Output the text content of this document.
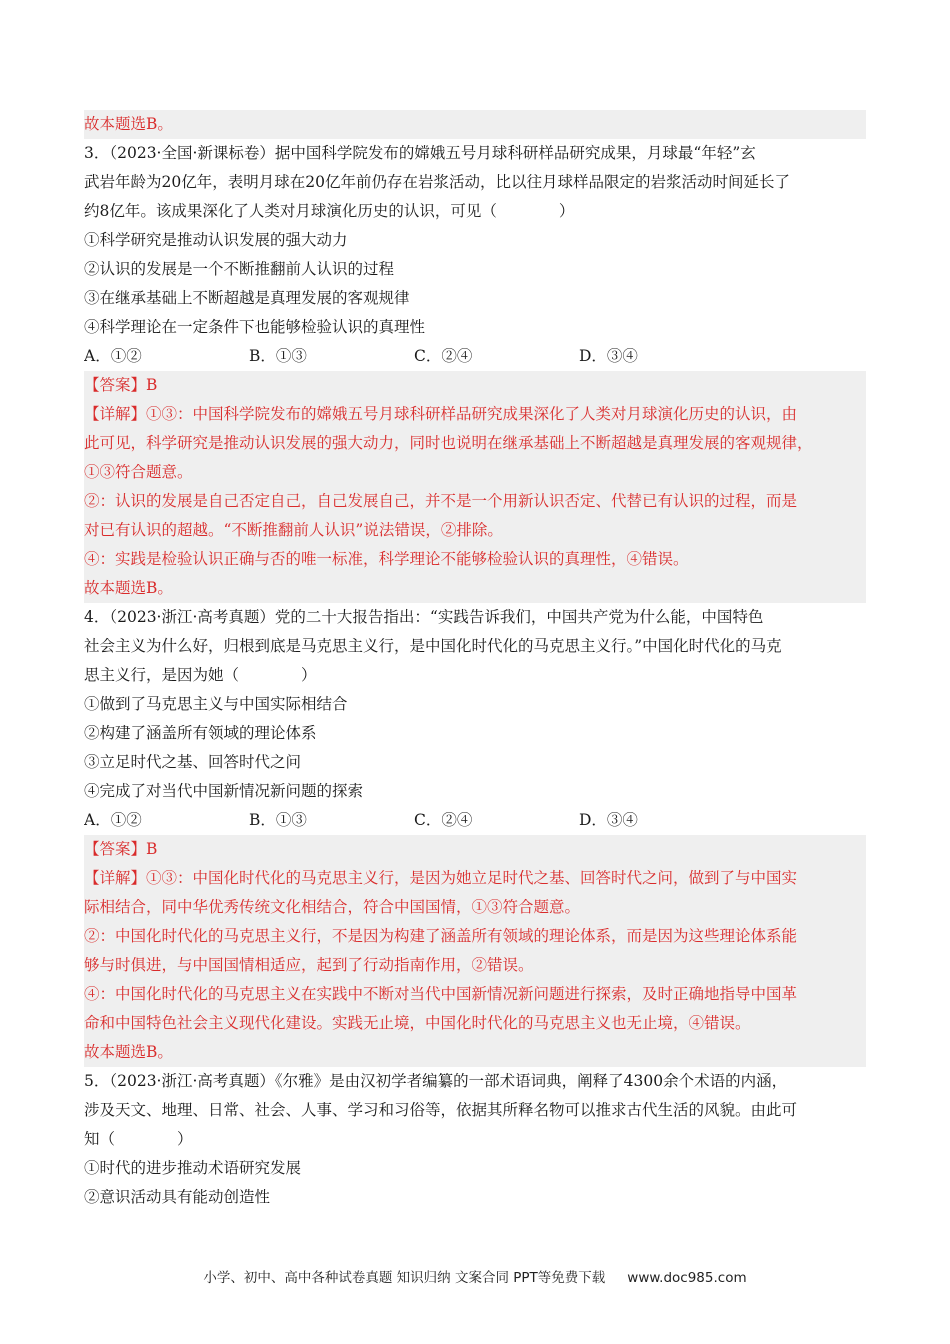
故本题选B。
3．（2023·全国·新课标卷）据中国科学院发布的嫦娥五号月球科研样品研究成果，月球最“年轻”玄
武岩年龄为20亿年，表明月球在20亿年前仍存在岩浆活动，比以往月球样品限定的岩浆活动时间延长了
约8亿年。该成果深化了人类对月球演化历史的认识，可见（　　　　）
①科学研究是推动认识发展的强大动力
②认识的发展是一个不断推翻前人认识的过程
③在继承基础上不断超越是真理发展的客观规律
④科学理论在一定条件下也能够检验认识的真理性
A．①②	B．①③	C．②④	D．③④
【答案】B
【详解】①③：中国科学院发布的嫦娥五号月球科研样品研究成果深化了人类对月球演化历史的认识，由
此可见，科学研究是推动认识发展的强大动力，同时也说明在继承基础上不断超越是真理发展的客观规律，
①③符合题意。
②：认识的发展是自己否定自己，自己发展自己，并不是一个用新认识否定、代替已有认识的过程，而是
对已有认识的超越。“不断推翻前人认识”说法错误，②排除。
④：实践是检验认识正确与否的唯一标准，科学理论不能够检验认识的真理性，④错误。
故本题选B。
4．（2023·浙江·高考真题）党的二十大报告指出：“实践告诉我们，中国共产党为什么能，中国特色
社会主义为什么好，归根到底是马克思主义行，是中国化时代化的马克思主义行。”中国化时代化的马克
思主义行，是因为她（　　　　）
①做到了马克思主义与中国实际相结合
②构建了涵盖所有领域的理论体系
③立足时代之基、回答时代之问
④完成了对当代中国新情况新问题的探索
A．①②	B．①③	C．②④	D．③④
【答案】B
【详解】①③：中国化时代化的马克思主义行，是因为她立足时代之基、回答时代之问，做到了与中国实
际相结合，同中华优秀传统文化相结合，符合中国国情，①③符合题意。
②：中国化时代化的马克思主义行，不是因为构建了涵盖所有领域的理论体系，而是因为这些理论体系能
够与时俱进，与中国国情相适应，起到了行动指南作用，②错误。
④：中国化时代化的马克思主义在实践中不断对当代中国新情况新问题进行探索，及时正确地指导中国革
命和中国特色社会主义现代化建设。实践无止境，中国化时代化的马克思主义也无止境，④错误。
故本题选B。
5．（2023·浙江·高考真题）《尔雅》是由汉初学者编纂的一部术语词典，阐释了4300余个术语的内涵，
涉及天文、地理、日常、社会、人事、学习和习俗等，依据其所释名物可以推求古代生活的风貌。由此可
知（　　　　）
①时代的进步推动术语研究发展
②意识活动具有能动创造性
小学、初中、高中各种试卷真题 知识归纳 文案合同 PPT等免费下载 www.doc985.com
